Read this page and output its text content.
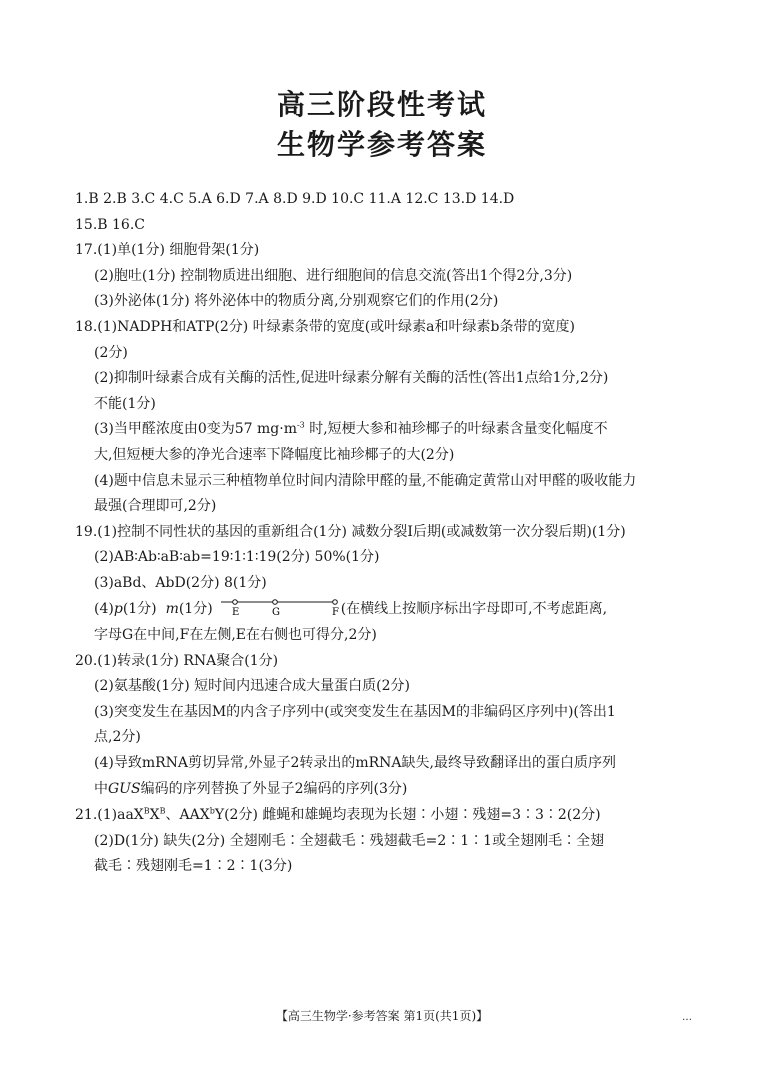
高三阶段性考试
生物学参考答案
1.B 2.B 3.C 4.C 5.A 6.D 7.A 8.D 9.D 10.C 11.A 12.C 13.D 14.D
15.B 16.C
17.(1)单(1分) 细胞骨架(1分)
(2)胞吐(1分) 控制物质进出细胞、进行细胞间的信息交流(答出1个得2分,3分)
(3)外泌体(1分) 将外泌体中的物质分离,分别观察它们的作用(2分)
18.(1)NADPH和ATP(2分) 叶绿素条带的宽度(或叶绿素a和叶绿素b条带的宽度)
(2分)
(2)抑制叶绿素合成有关酶的活性,促进叶绿素分解有关酶的活性(答出1点给1分,2分)
不能(1分)
(3)当甲醛浓度由0变为57 $mg\cdot m^{-3}$ 时,短梗大参和袖珍椰子的叶绿素含量变化幅度不
大,但短梗大参的净光合速率下降幅度比袖珍椰子的大(2分)
(4)题中信息未显示三种植物单位时间内清除甲醛的量,不能确定黄常山对甲醛的吸收能力
最强(合理即可,2分)
19.(1)控制不同性状的基因的重新组合(1分) 减数分裂Ⅰ后期(或减数第一次分裂后期)(1分)
(2)AB∶Ab∶aB∶ab=19∶1∶1∶19(2分) 50%(1分)
(3)aBd、AbD(2分) 8(1分)
(4)p(1分) m(1分) E	G	F (在横线上按顺序标出字母即可,不考虑距离,
字母G在中间,F在左侧,E在右侧也可得分,2分)
20.(1)转录(1分) RNA聚合(1分)
(2)氨基酸(1分) 短时间内迅速合成大量蛋白质(2分)
(3)突变发生在基因M的内含子序列中(或突变发生在基因M的非编码区序列中)(答出1
点,2分)
(4)导致mRNA剪切异常,外显子2转录出的mRNA缺失,最终导致翻译出的蛋白质序列
中GUS编码的序列替换了外显子2编码的序列(3分)
$21.(1)aaX^BX^B$、AAX$^b$Y(2分) 雌蝇和雄蝇均表现为长翅∶小翅∶残翅=3∶3∶2(2分)
(2)D(1分) 缺失(2分) 全翅刚毛∶全翅截毛∶残翅截毛=2∶1∶1或全翅刚毛∶全翅
截毛∶残翅刚毛=1∶2∶1(3分)
【高三生物学·参考答案 第1页(共1页)】	…
